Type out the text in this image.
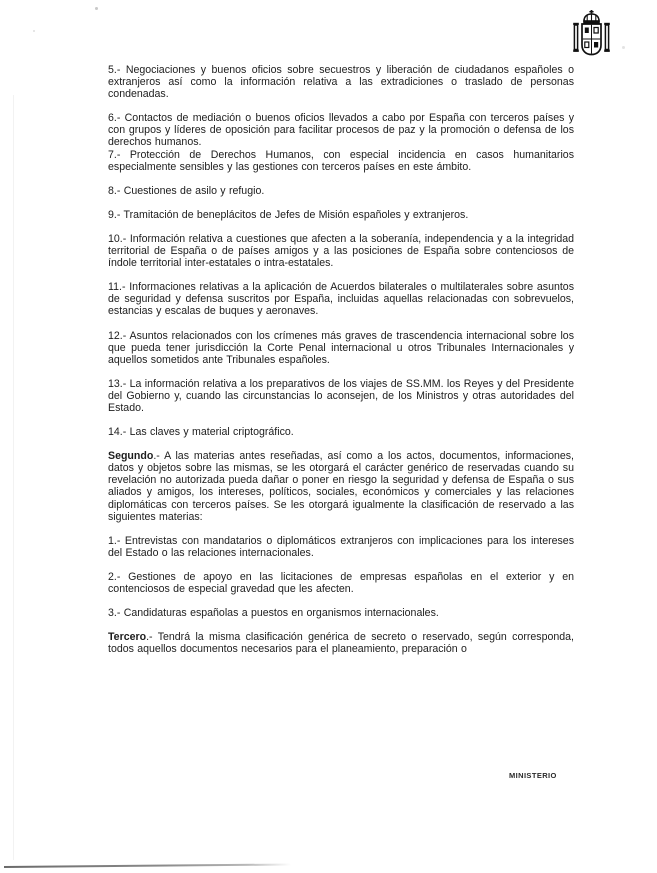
5.- Negociaciones y buenos oficios sobre secuestros y liberación de ciudadanos españoles o extranjeros así como la información relativa a las extradiciones o traslado de personas condenadas.

6.- Contactos de mediación o buenos oficios llevados a cabo por España con terceros países y con grupos y líderes de oposición para facilitar procesos de paz y la promoción o defensa de los derechos humanos.

7.- Protección de Derechos Humanos, con especial incidencia en casos humanitarios especialmente sensibles y las gestiones con terceros países en este ámbito.

8.- Cuestiones de asilo y refugio.

9.- Tramitación de beneplácitos de Jefes de Misión españoles y extranjeros.

10.- Información relativa a cuestiones que afecten a la soberanía, independencia y a la integridad territorial de España o de países amigos y a las posiciones de España sobre contenciosos de índole territorial inter-estatales o intra-estatales.

11.- Informaciones relativas a la aplicación de Acuerdos bilaterales o multilaterales sobre asuntos de seguridad y defensa suscritos por España, incluidas aquellas relacionadas con sobrevuelos, estancias y escalas de buques y aeronaves.

12.- Asuntos relacionados con los crímenes más graves de trascendencia internacional sobre los que pueda tener jurisdicción la Corte Penal internacional u otros Tribunales Internacionales y aquellos sometidos ante Tribunales españoles.

13.- La información relativa a los preparativos de los viajes de SS.MM. los Reyes y del Presidente del Gobierno y, cuando las circunstancias lo aconsejen, de los Ministros y otras autoridades del Estado.

14.- Las claves y material criptográfico.

Segundo.- A las materias antes reseñadas, así como a los actos, documentos, informaciones, datos y objetos sobre las mismas, se les otorgará el carácter genérico de reservadas cuando su revelación no autorizada pueda dañar o poner en riesgo la seguridad y defensa de España o sus aliados y amigos, los intereses, políticos, sociales, económicos y comerciales y las relaciones diplomáticas con terceros países. Se les otorgará igualmente la clasificación de reservado a las siguientes materias:

1.- Entrevistas con mandatarios o diplomáticos extranjeros con implicaciones para los intereses del Estado o las relaciones internacionales.

2.- Gestiones de apoyo en las licitaciones de empresas españolas en el exterior y en contenciosos de especial gravedad que les afecten.

3.- Candidaturas españolas a puestos en organismos internacionales.

Tercero.- Tendrá la misma clasificación genérica de secreto o reservado, según corresponda, todos aquellos documentos necesarios para el planeamiento, preparación o

MINISTERIO
